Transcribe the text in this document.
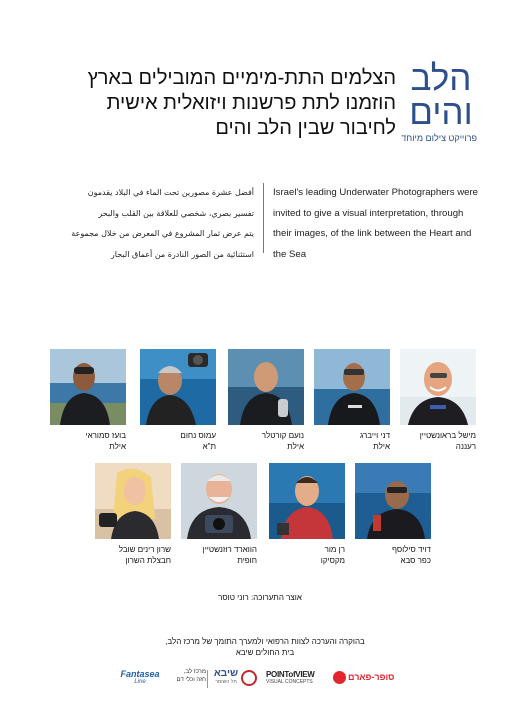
הלב
והים
פרוייקט צילום מיוחד
הצלמים התת-מימיים המובילים בארץ
הוזמנו לתת פרשנות ויזואלית אישית
לחיבור שבין הלב והים
Israel's leading Underwater Photographers were invited to give a visual interpretation, through their images, of the link between the Heart and the Sea
أفضل عشرة مصورين تحت الماء في البلاد يقدمون
تفسير بصري، شخصي للعلاقة بين القلب والبحر
يتم عرض ثمار المشروع في المعرض من خلال مجموعة
استثنائية من الصور النادرة من أعماق البحار
מישל בראונשטיין
רעננה
דני וייברג
אילת
נועם קורטלר
אילת
עמוס נחום
ת"א
בועז סמוראי
אילת
דויד סילוסף
כפר סבא
רן מור
מקסיקו
הווארד רוזנשטיין
חופית
שרון רינים שובל
חבצלת השרון
אוצר התערוכה: רוני טוסר
בהוקרה והערכה לצוות הרפואי ולמערך התומך של מרכז הלב,
בית החולים שיבא
Fantasea
Line
מרכז לב,
חזה וכלי דם
שיבא
תל השומר
POINTofVIEW
VISUAL CONCEPTS	סופר-פארם
